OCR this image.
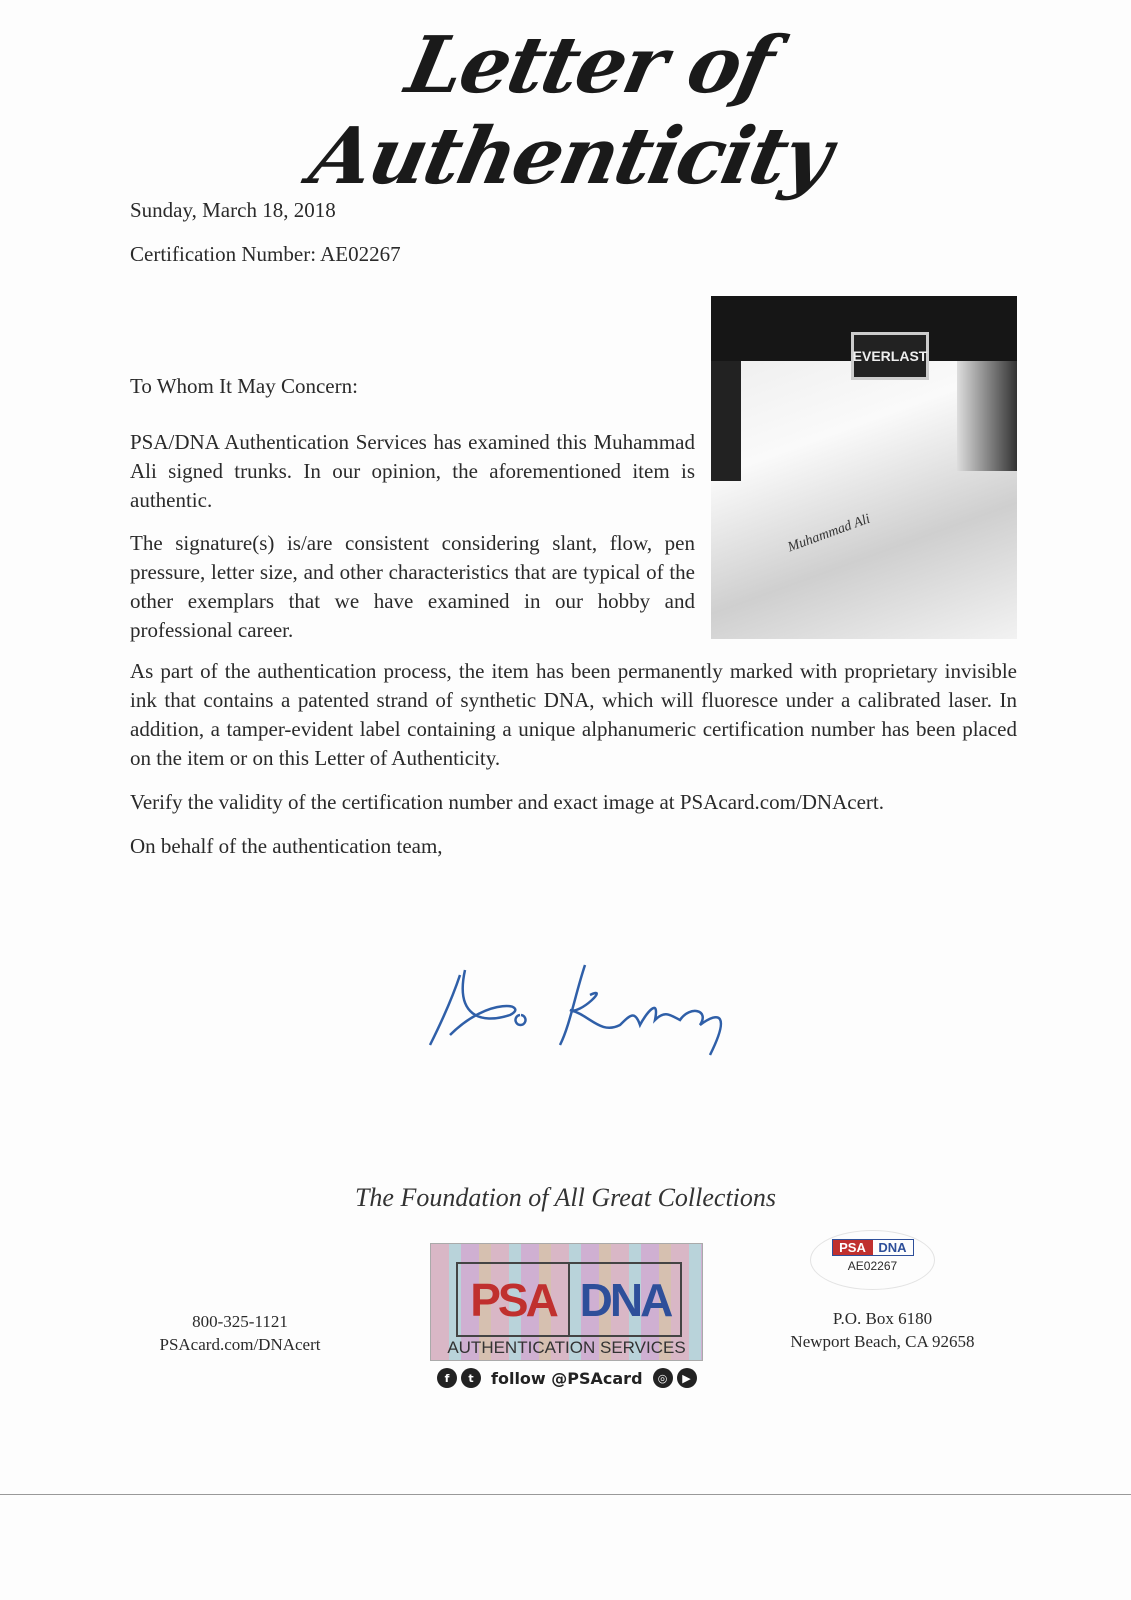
Letter of Authenticity
Sunday, March 18, 2018
Certification Number: AE02267
EVERLAST
Muhammad Ali
To Whom It May Concern:
PSA/DNA Authentication Services has examined this Muhammad Ali signed trunks. In our opinion, the aforementioned item is authentic.
The signature(s) is/are consistent considering slant, flow, pen pressure, letter size, and other characteristics that are typical of the other exemplars that we have examined in our hobby and professional career.
As part of the authentication process, the item has been permanently marked with proprietary invisible ink that contains a patented strand of synthetic DNA, which will fluoresce under a calibrated laser. In addition, a tamper-evident label containing a unique alphanumeric certification number has been placed on the item or on this Letter of Authenticity.
Verify the validity of the certification number and exact image at PSAcard.com/DNAcert.
On behalf of the authentication team,
The Foundation of All Great Collections
800-325-1121
PSAcard.com/DNAcert
PSA DNA
AUTHENTICATION SERVICES
f	t	follow @PSAcard	◎	▶
PSA DNA
AE02267
P.O. Box 6180
Newport Beach, CA 92658
